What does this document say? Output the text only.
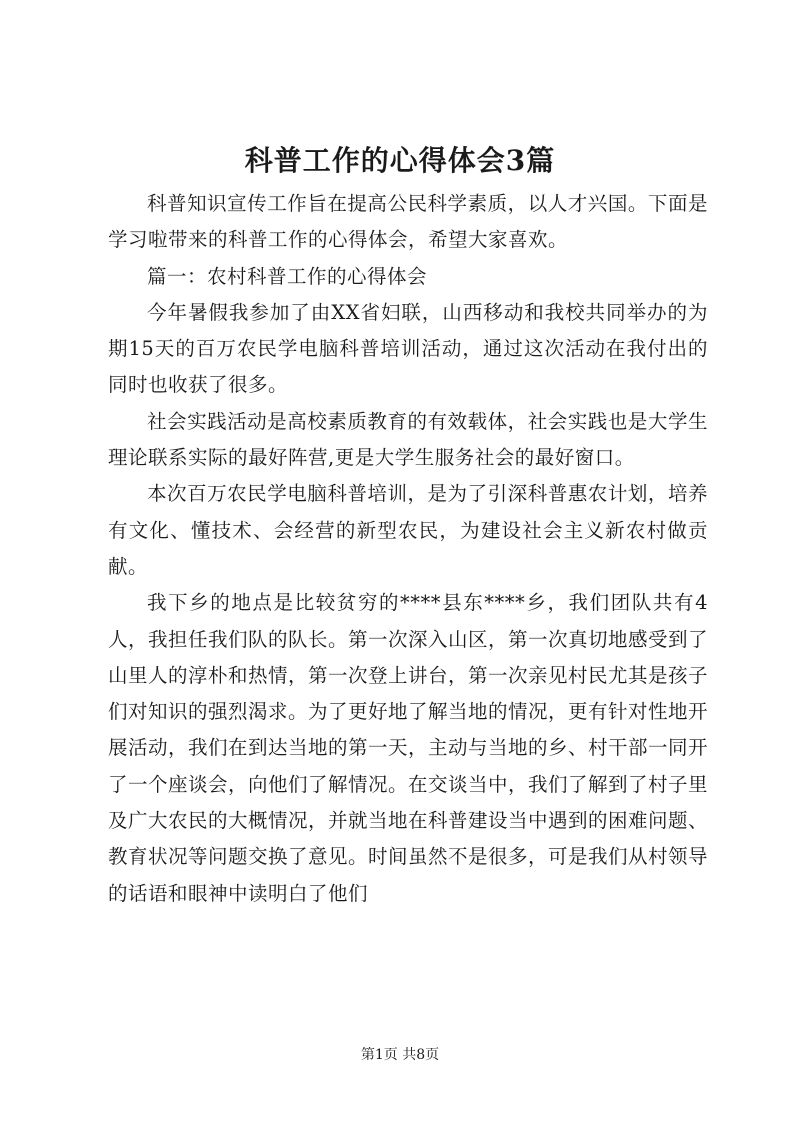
科普工作的心得体会3篇

科普知识宣传工作旨在提高公民科学素质，以人才兴国。下面是学习啦带来的科普工作的心得体会，希望大家喜欢。

篇一：农村科普工作的心得体会

今年暑假我参加了由XX省妇联，山西移动和我校共同举办的为期15天的百万农民学电脑科普培训活动，通过这次活动在我付出的同时也收获了很多。

社会实践活动是高校素质教育的有效载体，社会实践也是大学生理论联系实际的最好阵营,更是大学生服务社会的最好窗口。

本次百万农民学电脑科普培训，是为了引深科普惠农计划，培养有文化、懂技术、会经营的新型农民，为建设社会主义新农村做贡献。

我下乡的地点是比较贫穷的****县东****乡，我们团队共有4人，我担任我们队的队长。第一次深入山区，第一次真切地感受到了山里人的淳朴和热情，第一次登上讲台，第一次亲见村民尤其是孩子们对知识的强烈渴求。为了更好地了解当地的情况，更有针对性地开展活动，我们在到达当地的第一天，主动与当地的乡、村干部一同开了一个座谈会，向他们了解情况。在交谈当中，我们了解到了村子里及广大农民的大概情况，并就当地在科普建设当中遇到的困难问题、教育状况等问题交换了意见。时间虽然不是很多，可是我们从村领导的话语和眼神中读明白了他们

第1页 共8页
